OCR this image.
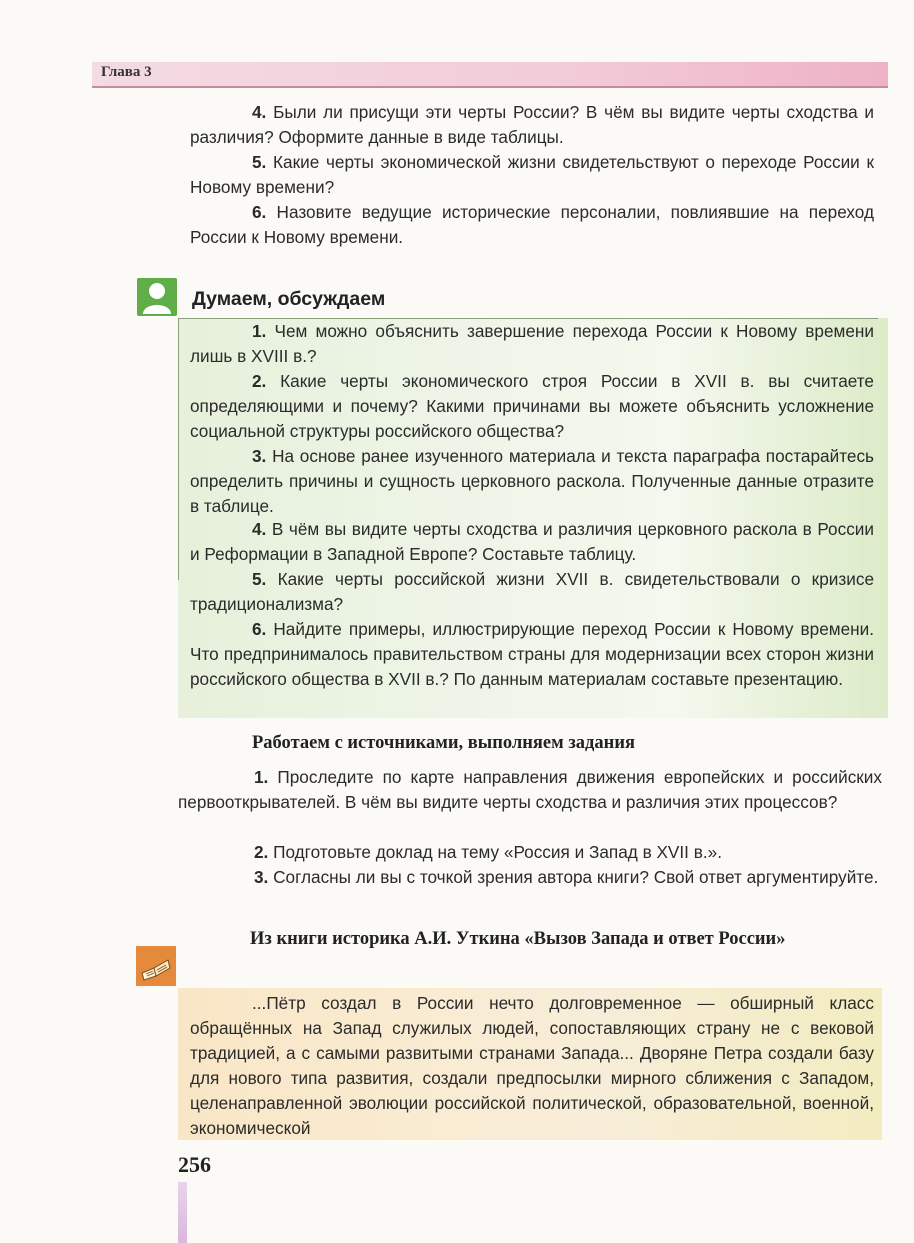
Глава 3

4. Были ли присущи эти черты России? В чём вы видите черты сходства и различия? Оформите данные в виде таблицы.

5. Какие черты экономической жизни свидетельствуют о переходе России к Новому времени?

6. Назовите ведущие исторические персоналии, повлиявшие на переход России к Новому времени.

Думаем, обсуждаем

1. Чем можно объяснить завершение перехода России к Новому времени лишь в XVIII в.?

2. Какие черты экономического строя России в XVII в. вы считаете определяющими и почему? Какими причинами вы можете объяснить усложнение социальной структуры российского общества?

3. На основе ранее изученного материала и текста параграфа постарайтесь определить причины и сущность церковного раскола. Полученные данные отразите в таблице.

4. В чём вы видите черты сходства и различия церковного раскола в России и Реформации в Западной Европе? Составьте таблицу.

5. Какие черты российской жизни XVII в. свидетельствовали о кризисе традиционализма?

6. Найдите примеры, иллюстрирующие переход России к Новому времени. Что предпринималось правительством страны для модернизации всех сторон жизни российского общества в XVII в.? По данным материалам составьте презентацию.

Работаем с источниками, выполняем задания

1. Проследите по карте направления движения европейских и российских первооткрывателей. В чём вы видите черты сходства и различия этих процессов?

2. Подготовьте доклад на тему «Россия и Запад в XVII в.».

3. Согласны ли вы с точкой зрения автора книги? Свой ответ аргументируйте.

Из книги историка А.И. Уткина «Вызов Запада и ответ России»

...Пётр создал в России нечто долговременное — обширный класс обращённых на Запад служилых людей, сопоставляющих страну не с вековой традицией, а с самыми развитыми странами Запада... Дворяне Петра создали базу для нового типа развития, создали предпосылки мирного сближения с Западом, целенаправленной эволюции российской политической, образовательной, военной, экономической

256
